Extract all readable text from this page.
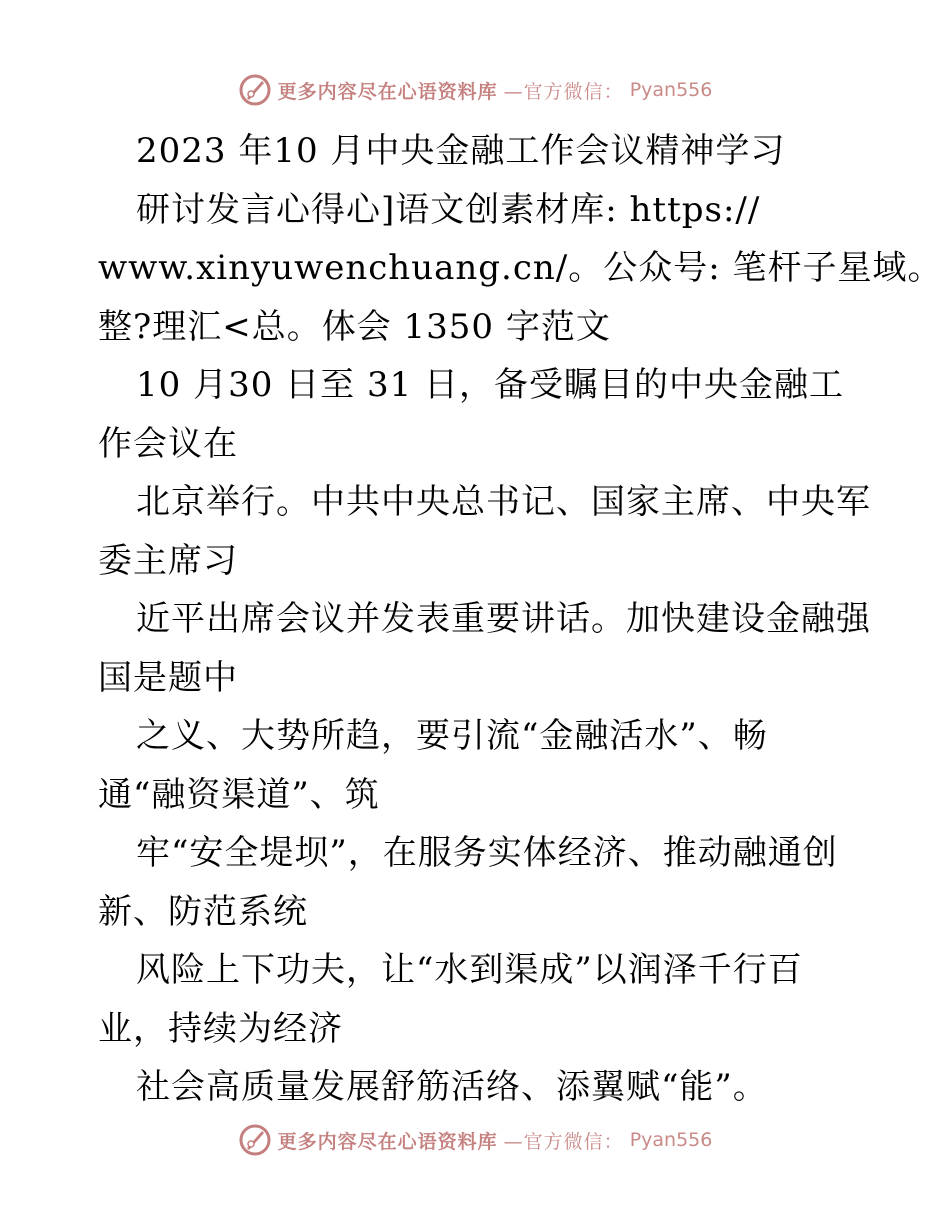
更多内容尽在心语资料库 —官方微信： Pyan556
2023 年10 月中央金融工作会议精神学习
研讨发言心得心]语文创素材库: https://
www.xinyuwenchuang.cn/。公众号: 笔杆子星域。
整?理汇<总。体会 1350 字范文
10 月30 日至 31 日，备受瞩目的中央金融工
作会议在
北京举行。中共中央总书记、国家主席、中央军
委主席习
近平出席会议并发表重要讲话。加快建设金融强
国是题中
之义、大势所趋，要引流“金融活水”、畅
通“融资渠道”、筑
牢“安全堤坝”，在服务实体经济、推动融通创
新、防范系统
风险上下功夫，让“水到渠成”以润泽千行百
业，持续为经济
社会高质量发展舒筋活络、添翼赋“能”。
更多内容尽在心语资料库 —官方微信： Pyan556
